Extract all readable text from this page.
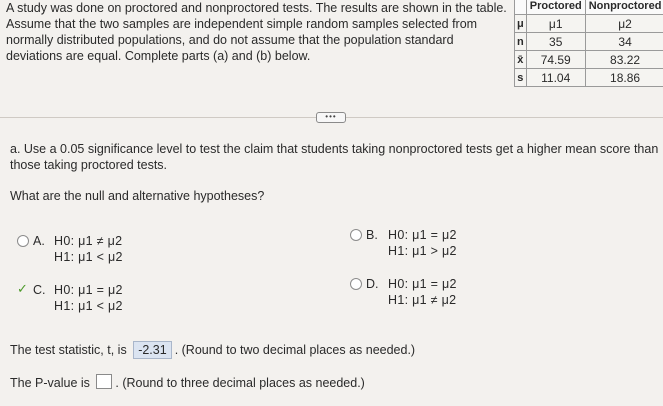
A study was done on proctored and nonproctored tests. The results are shown in the table.
Assume that the two samples are independent simple random samples selected from
normally distributed populations, and do not assume that the population standard
deviations are equal. Complete parts (a) and (b) below.
	Proctored	Nonproctored
μ	μ1	μ2
n	35	34
x̄	74.59	83.22
s	11.04	18.86
•••
a. Use a 0.05 significance level to test the claim that students taking nonproctored tests get a higher mean score than
those taking proctored tests.
What are the null and alternative hypotheses?
A. H0: μ1 ≠ μ2
H1: μ1 < μ2
B. H0: μ1 = μ2
H1: μ1 > μ2
✓ C. H0: μ1 = μ2
H1: μ1 < μ2
D. H0: μ1 = μ2
H1: μ1 ≠ μ2
The test statistic, t, is -2.31 . (Round to two decimal places as needed.)
The P-value is . (Round to three decimal places as needed.)
